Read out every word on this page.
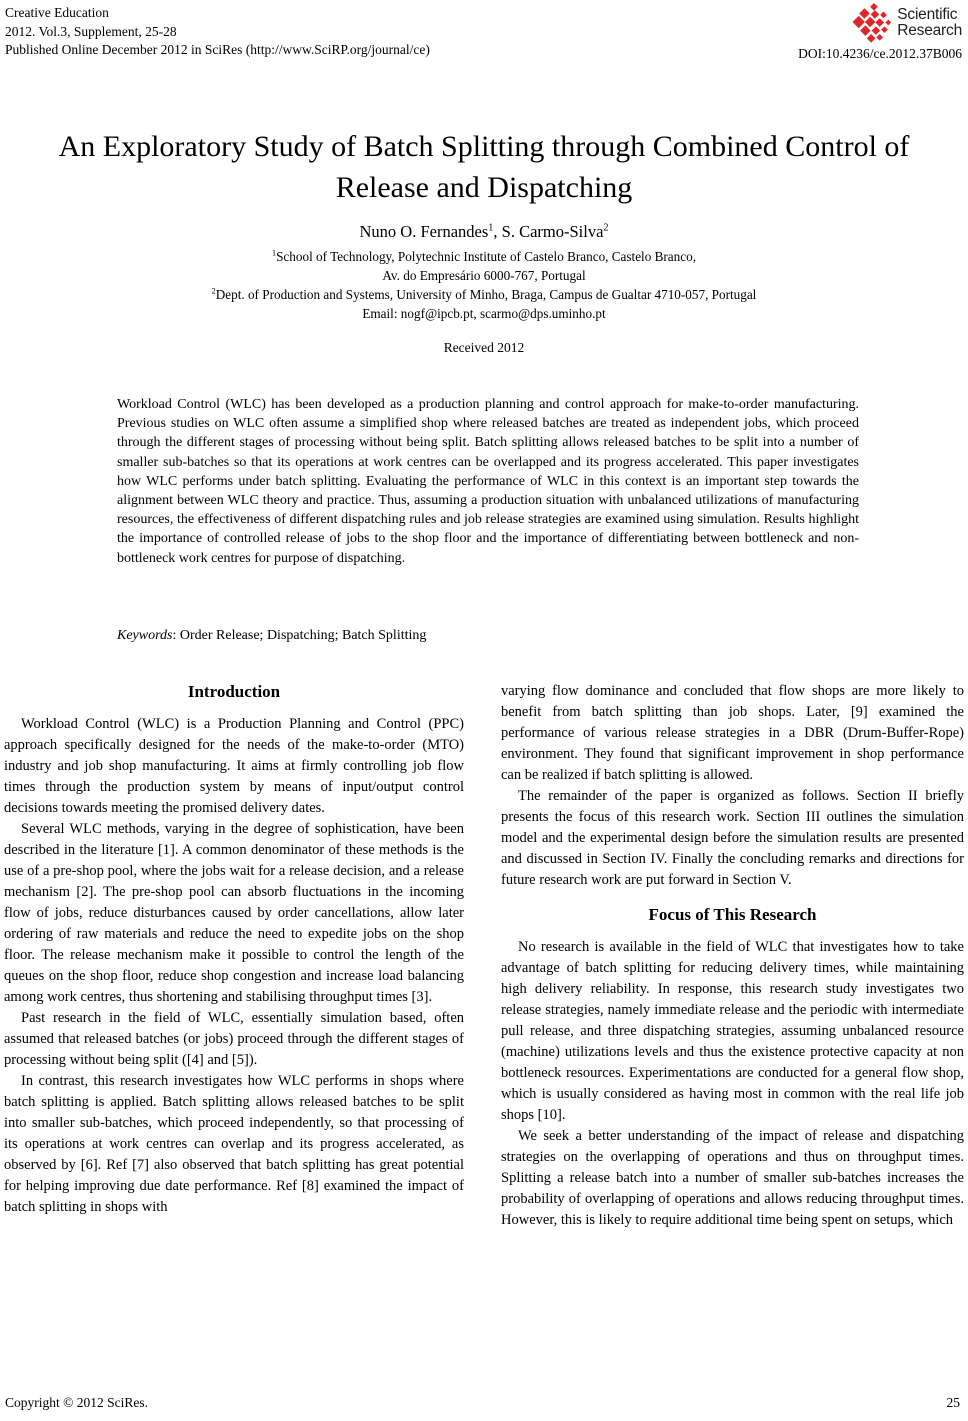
Creative Education
2012. Vol.3, Supplement, 25-28
Published Online December 2012 in SciRes (http://www.SciRP.org/journal/ce)
Scientific
Research
DOI:10.4236/ce.2012.37B006
An Exploratory Study of Batch Splitting through Combined Control of Release and Dispatching
Nuno O. Fernandes$^1$, S. Carmo-Silva$^2$
$^1$School of Technology, Polytechnic Institute of Castelo Branco, Castelo Branco,
Av. do Empresário 6000-767, Portugal
$^2$Dept. of Production and Systems, University of Minho, Braga, Campus de Gualtar 4710-057, Portugal
Email: nogf@ipcb.pt, scarmo@dps.uminho.pt
Received 2012
Workload Control (WLC) has been developed as a production planning and control approach for make-to-order manufacturing. Previous studies on WLC often assume a simplified shop where released batches are treated as independent jobs, which proceed through the different stages of processing without being split. Batch splitting allows released batches to be split into a number of smaller sub-batches so that its operations at work centres can be overlapped and its progress accelerated. This paper investigates how WLC performs under batch splitting. Evaluating the performance of WLC in this context is an important step towards the alignment between WLC theory and practice. Thus, assuming a production situation with unbalanced utilizations of manufacturing resources, the effectiveness of different dispatching rules and job release strategies are examined using simulation. Results highlight the importance of controlled release of jobs to the shop floor and the importance of differentiating between bottleneck and non-bottleneck work centres for purpose of dispatching.
Keywords: Order Release; Dispatching; Batch Splitting
Introduction

Workload Control (WLC) is a Production Planning and Control (PPC) approach specifically designed for the needs of the make-to-order (MTO) industry and job shop manufacturing. It aims at firmly controlling job flow times through the production system by means of input/output control decisions towards meeting the promised delivery dates.

Several WLC methods, varying in the degree of sophistication, have been described in the literature [1]. A common denominator of these methods is the use of a pre-shop pool, where the jobs wait for a release decision, and a release mechanism [2]. The pre-shop pool can absorb fluctuations in the incoming flow of jobs, reduce disturbances caused by order cancellations, allow later ordering of raw materials and reduce the need to expedite jobs on the shop floor. The release mechanism make it possible to control the length of the queues on the shop floor, reduce shop congestion and increase load balancing among work centres, thus shortening and stabilising throughput times [3].

Past research in the field of WLC, essentially simulation based, often assumed that released batches (or jobs) proceed through the different stages of processing without being split ([4] and [5]).

In contrast, this research investigates how WLC performs in shops where batch splitting is applied. Batch splitting allows released batches to be split into smaller sub-batches, which proceed independently, so that processing of its operations at work centres can overlap and its progress accelerated, as observed by [6]. Ref [7] also observed that batch splitting has great potential for helping improving due date performance. Ref [8] examined the impact of batch splitting in shops with

varying flow dominance and concluded that flow shops are more likely to benefit from batch splitting than job shops. Later, [9] examined the performance of various release strategies in a DBR (Drum-Buffer-Rope) environment. They found that significant improvement in shop performance can be realized if batch splitting is allowed.

The remainder of the paper is organized as follows. Section II briefly presents the focus of this research work. Section III outlines the simulation model and the experimental design before the simulation results are presented and discussed in Section IV. Finally the concluding remarks and directions for future research work are put forward in Section V.

Focus of This Research

No research is available in the field of WLC that investigates how to take advantage of batch splitting for reducing delivery times, while maintaining high delivery reliability. In response, this research study investigates two release strategies, namely immediate release and the periodic with intermediate pull release, and three dispatching strategies, assuming unbalanced resource (machine) utilizations levels and thus the existence protective capacity at non bottleneck resources. Experimentations are conducted for a general flow shop, which is usually considered as having most in common with the real life job shops [10].

We seek a better understanding of the impact of release and dispatching strategies on the overlapping of operations and thus on throughput times. Splitting a release batch into a number of smaller sub-batches increases the probability of overlapping of operations and allows reducing throughput times. However, this is likely to require additional time being spent on setups, which

Copyright © 2012 SciRes.	25
